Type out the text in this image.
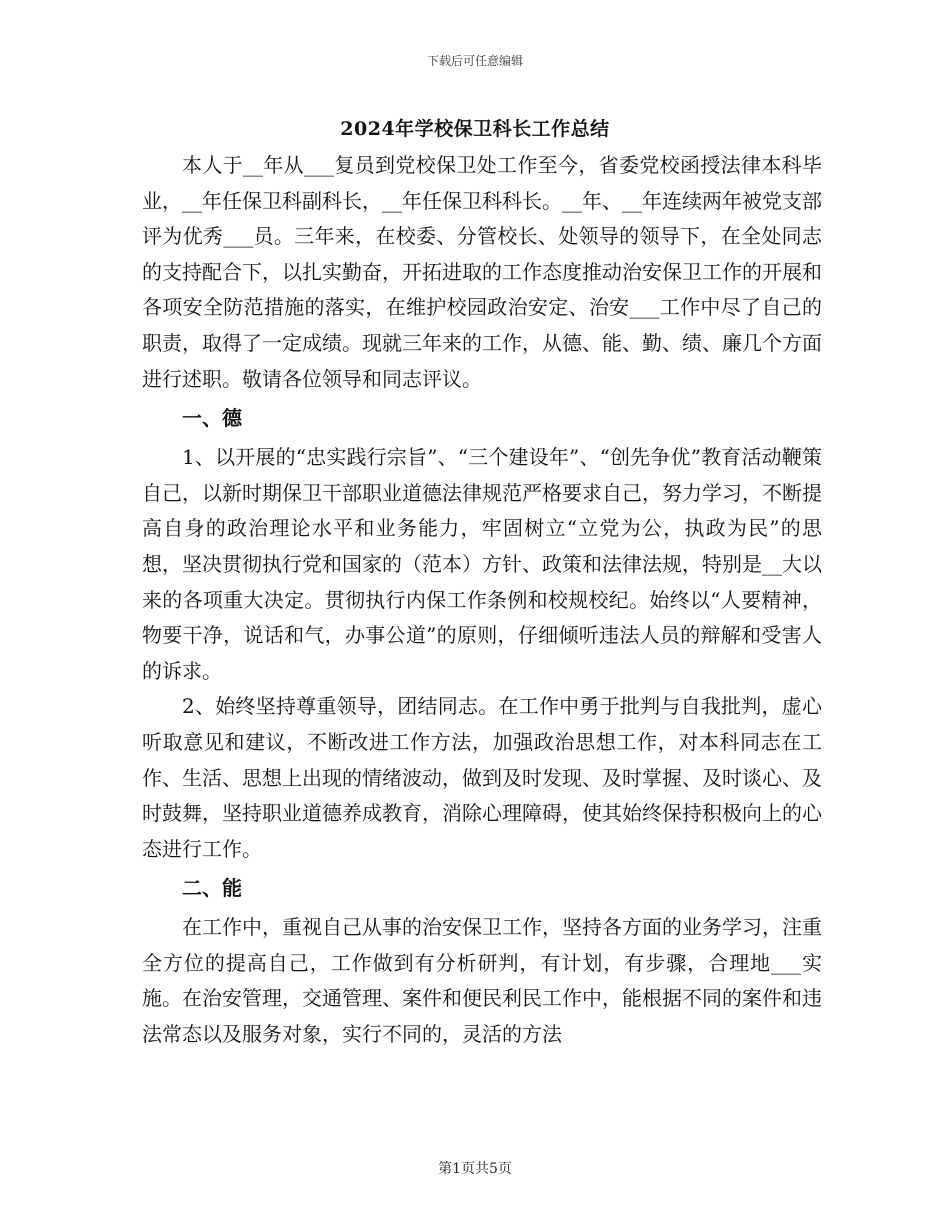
下载后可任意编辑
2024年学校保卫科长工作总结

本人于__年从___复员到党校保卫处工作至今，省委党校函授法律本科毕业，__年任保卫科副科长，__年任保卫科科长。__年、__年连续两年被党支部评为优秀___员。三年来，在校委、分管校长、处领导的领导下，在全处同志的支持配合下，以扎实勤奋，开拓进取的工作态度推动治安保卫工作的开展和各项安全防范措施的落实，在维护校园政治安定、治安___工作中尽了自己的职责，取得了一定成绩。现就三年来的工作，从德、能、勤、绩、廉几个方面进行述职。敬请各位领导和同志评议。

一、德

1、以开展的“忠实践行宗旨”、“三个建设年”、“创先争优”教育活动鞭策自己，以新时期保卫干部职业道德法律规范严格要求自己，努力学习，不断提高自身的政治理论水平和业务能力，牢固树立“立党为公，执政为民”的思想，坚决贯彻执行党和国家的（范本）方针、政策和法律法规，特别是__大以来的各项重大决定。贯彻执行内保工作条例和校规校纪。始终以“人要精神，物要干净，说话和气，办事公道”的原则，仔细倾听违法人员的辩解和受害人的诉求。

2、始终坚持尊重领导，团结同志。在工作中勇于批判与自我批判，虚心听取意见和建议，不断改进工作方法，加强政治思想工作，对本科同志在工作、生活、思想上出现的情绪波动，做到及时发现、及时掌握、及时谈心、及时鼓舞，坚持职业道德养成教育，消除心理障碍，使其始终保持积极向上的心态进行工作。

二、能

在工作中，重视自己从事的治安保卫工作，坚持各方面的业务学习，注重全方位的提高自己，工作做到有分析研判，有计划，有步骤，合理地___实施。在治安管理，交通管理、案件和便民利民工作中，能根据不同的案件和违法常态以及服务对象，实行不同的，灵活的方法

第1页共5页
